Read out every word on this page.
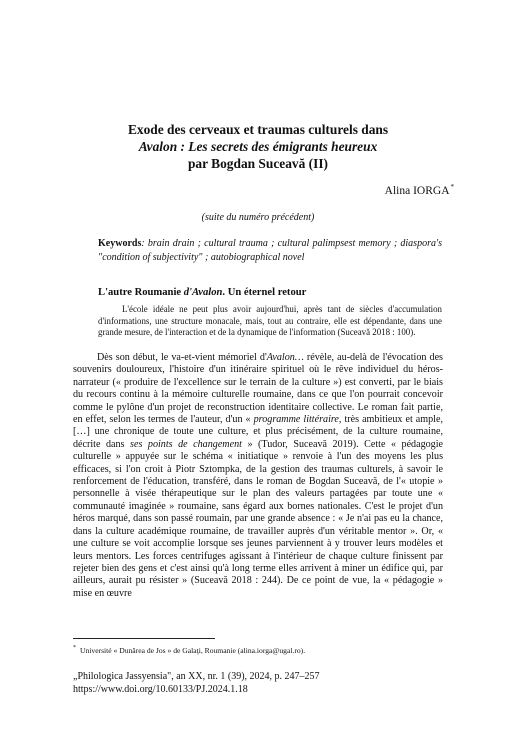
Exode des cerveaux et traumas culturels dans
Avalon : Les secrets des émigrants heureux
par Bogdan Suceavă (II)
Alina IORGA*
(suite du numéro précédent)
Keywords: brain drain ; cultural trauma ; cultural palimpsest memory ; diaspora's "condition of subjectivity" ; autobiographical novel
L'autre Roumanie d'Avalon. Un éternel retour
L'école idéale ne peut plus avoir aujourd'hui, après tant de siècles d'accumulation d'informations, une structure monacale, mais, tout au contraire, elle est dépendante, dans une grande mesure, de l'interaction et de la dynamique de l'information (Suceavă 2018 : 100).
Dès son début, le va-et-vient mémoriel d'Avalon… révèle, au-delà de l'évocation des souvenirs douloureux, l'histoire d'un itinéraire spirituel où le rêve individuel du héros-narrateur (« produire de l'excellence sur le terrain de la culture ») est converti, par le biais du recours continu à la mémoire culturelle roumaine, dans ce que l'on pourrait concevoir comme le pylône d'un projet de reconstruction identitaire collective. Le roman fait partie, en effet, selon les termes de l'auteur, d'un « programme littéraire, très ambitieux et ample, […] une chronique de toute une culture, et plus précisément, de la culture roumaine, décrite dans ses points de changement » (Tudor, Suceavă 2019). Cette « pédagogie culturelle » appuyée sur le schéma « initiatique » renvoie à l'un des moyens les plus efficaces, si l'on croit à Piotr Sztompka, de la gestion des traumas culturels, à savoir le renforcement de l'éducation, transféré, dans le roman de Bogdan Suceavă, de l'« utopie » personnelle à visée thérapeutique sur le plan des valeurs partagées par toute une « communauté imaginée » roumaine, sans égard aux bornes nationales. C'est le projet d'un héros marqué, dans son passé roumain, par une grande absence : « Je n'ai pas eu la chance, dans la culture académique roumaine, de travailler auprès d'un véritable mentor ». Or, « une culture se voit accomplie lorsque ses jeunes parviennent à y trouver leurs modèles et leurs mentors. Les forces centrifuges agissant à l'intérieur de chaque culture finissent par rejeter bien des gens et c'est ainsi qu'à long terme elles arrivent à miner un édifice qui, par ailleurs, aurait pu résister » (Suceavă 2018 : 244). De ce point de vue, la « pédagogie » mise en œuvre
* Université « Dunărea de Jos » de Galaţi, Roumanie (alina.iorga@ugal.ro).
„Philologica Jassyensia", an XX, nr. 1 (39), 2024, p. 247–257
https://www.doi.org/10.60133/PJ.2024.1.18
